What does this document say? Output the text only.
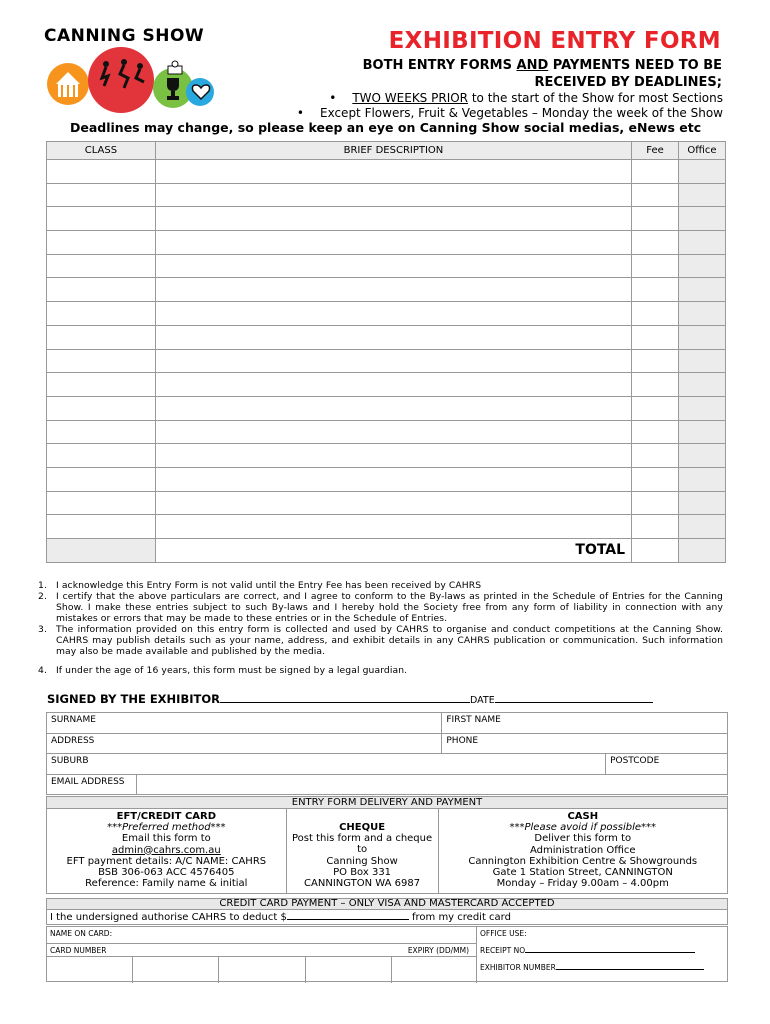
CANNING SHOW	EXHIBITION ENTRY FORM
BOTH ENTRY FORMS AND PAYMENTS NEED TO BE
RECEIVED BY DEADLINES;
• TWO WEEKS PRIOR to the start of the Show for most Sections
• Except Flowers, Fruit & Vegetables – Monday the week of the Show
Deadlines may change, so please keep an eye on Canning Show social medias, eNews etc
CLASS	BRIEF DESCRIPTION	Fee	Office

	TOTAL		
1. I acknowledge this Entry Form is not valid until the Entry Fee has been received by CAHRS
2. I certify that the above particulars are correct, and I agree to conform to the By-laws as printed in the Schedule of Entries for the Canning Show. I make these entries subject to such By-laws and I hereby hold the Society free from any form of liability in connection with any mistakes or errors that may be made to these entries or in the Schedule of Entries.
3. The information provided on this entry form is collected and used by CAHRS to organise and conduct competitions at the Canning Show. CAHRS may publish details such as your name, address, and exhibit details in any CAHRS publication or communication. Such information may also be made available and published by the media.
4. If under the age of 16 years, this form must be signed by a legal guardian.
SIGNED BY THE EXHIBITOR	DATE
SURNAME		FIRST NAME	
ADDRESS		PHONE	
SUBURB			POSTCODE
EMAIL ADDRESS			
ENTRY FORM DELIVERY AND PAYMENT

EFT/CREDIT CARD
***Preferred method***
Email this form to
admin@cahrs.com.au
EFT payment details: A/C NAME: CAHRS
BSB 306-063 ACC 4576405
Reference: Family name & initial

CHEQUE
Post this form and a cheque
to
Canning Show
PO Box 331
CANNINGTON WA 6987

CASH
***Please avoid if possible***
Deliver this form to
Administration Office
Cannington Exhibition Centre & Showgrounds
Gate 1 Station Street, CANNINGTON
Monday – Friday 9.00am – 4.00pm
CREDIT CARD PAYMENT – ONLY VISA AND MASTERCARD ACCEPTED
I the undersigned authorise CAHRS to deduct $	from my credit card
NAME ON CARD:
CARD NUMBER	EXPIRY (DD/MM)
OFFICE USE:
RECEIPT NO
EXHIBITOR NUMBER
